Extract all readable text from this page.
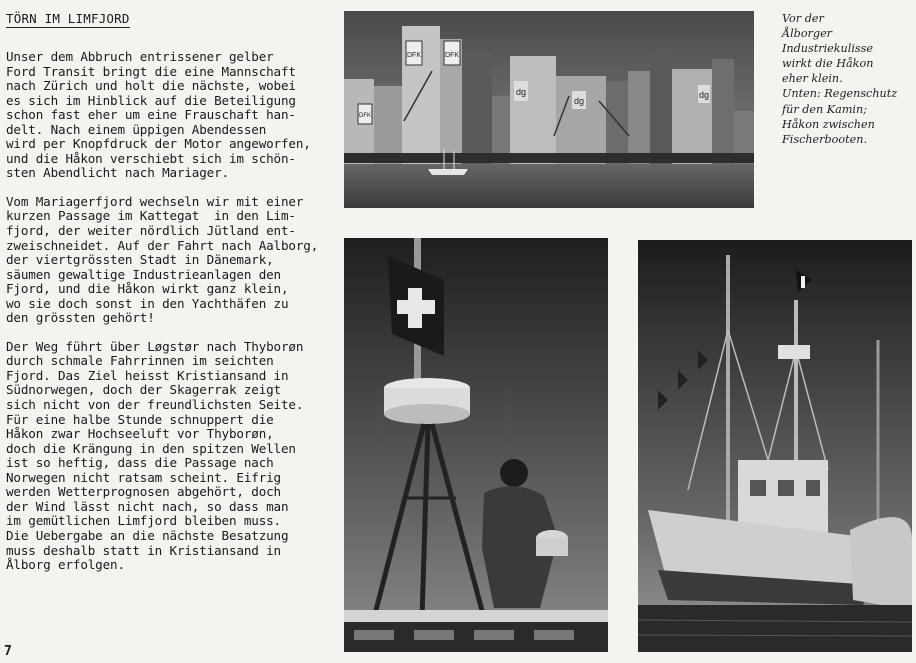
TÖRN IM LIMFJORD

Unser dem Abbruch entrissener gelber
Ford Transit bringt die eine Mannschaft
nach Zürich und holt die nächste, wobei
es sich im Hinblick auf die Beteiligung
schon fast eher um eine Frauschaft han-
delt. Nach einem üppigen Abendessen
wird per Knopfdruck der Motor angeworfen,
und die Håkon verschiebt sich im schön-
sten Abendlicht nach Mariager.

Vom Mariagerfjord wechseln wir mit einer
kurzen Passage im Kattegat  in den Lim-
fjord, der weiter nördlich Jütland ent-
zweischneidet. Auf der Fahrt nach Aalborg,
der viertgrössten Stadt in Dänemark,
säumen gewaltige Industrieanlagen den
Fjord, und die Håkon wirkt ganz klein,
wo sie doch sonst in den Yachthäfen zu
den grössten gehört!

Der Weg führt über Løgstør nach Thyborøn
durch schmale Fahrrinnen im seichten
Fjord. Das Ziel heisst Kristiansand in
Südnorwegen, doch der Skagerrak zeigt
sich nicht von der freundlichsten Seite.
Für eine halbe Stunde schnuppert die
Håkon zwar Hochseeluft vor Thyborøn,
doch die Krängung in den spitzen Wellen
ist so heftig, dass die Passage nach
Norwegen nicht ratsam scheint. Eifrig
werden Wetterprognosen abgehört, doch
der Wind lässt nicht nach, so dass man
im gemütlichen Limfjord bleiben muss.
Die Uebergabe an die nächste Besatzung
muss deshalb statt in Kristiansand in
Ålborg erfolgen.

7
Vor der
Ålborger
Industriekulisse
wirkt die Håkon
eher klein.
Unten: Regenschutz
für den Kamin;
Håkon zwischen
Fischerbooten.
DFK	DFK
DFK
dg
dg
dg
